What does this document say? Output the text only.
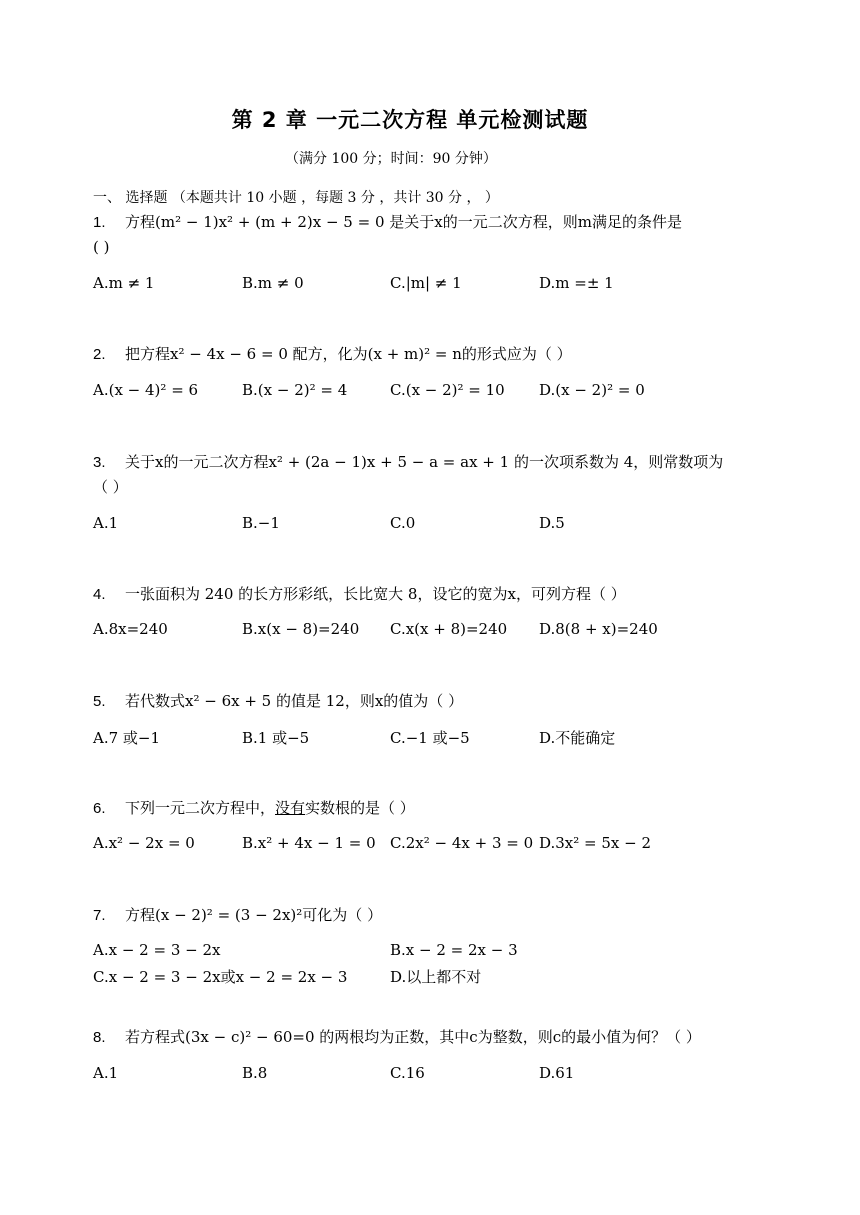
第 2 章 一元二次方程 单元检测试题
（满分 100 分；时间：90 分钟）
一、 选择题 （本题共计 10 小题 ，每题 3 分 ，共计 30 分 ， ）
1. 方程(m² − 1)x² + (m + 2)x − 5 = 0 是关于x的一元二次方程，则m满足的条件是
( )
A.m ≠ 1	B.m ≠ 0	C.|m| ≠ 1	D.m =± 1
2. 把方程x² − 4x − 6 = 0 配方，化为(x + m)² = n的形式应为（ ）
A.(x − 4)² = 6	B.(x − 2)² = 4	C.(x − 2)² = 10 D.(x − 2)² = 0
3. 关于x的一元二次方程x² + (2a − 1)x + 5 − a = ax + 1 的一次项系数为 4，则常数项为
（ ）
A.1	B.−1	C.0	D.5
4. 一张面积为 240 的长方形彩纸，长比宽大 8，设它的宽为x，可列方程（ ）
A.8x=240	B.x(x − 8)=240 C.x(x + 8)=240 D.8(8 + x)=240
5. 若代数式x² − 6x + 5 的值是 12，则x的值为（ ）
A.7 或−1	B.1 或−5	C.−1 或−5	D.不能确定
6. 下列一元二次方程中，没有实数根的是（ ）
A.x² − 2x = 0	B.x² + 4x − 1 = 0 C.2x² − 4x + 3 = 0 D.3x² = 5x − 2
7. 方程(x − 2)² = (3 − 2x)²可化为（ ）
A.x − 2 = 3 − 2x	B.x − 2 = 2x − 3
C.x − 2 = 3 − 2x或x − 2 = 2x − 3	D.以上都不对
8. 若方程式(3x − c)² − 60=0 的两根均为正数，其中c为整数，则c的最小值为何？（ ）
A.1	B.8	C.16	D.61
